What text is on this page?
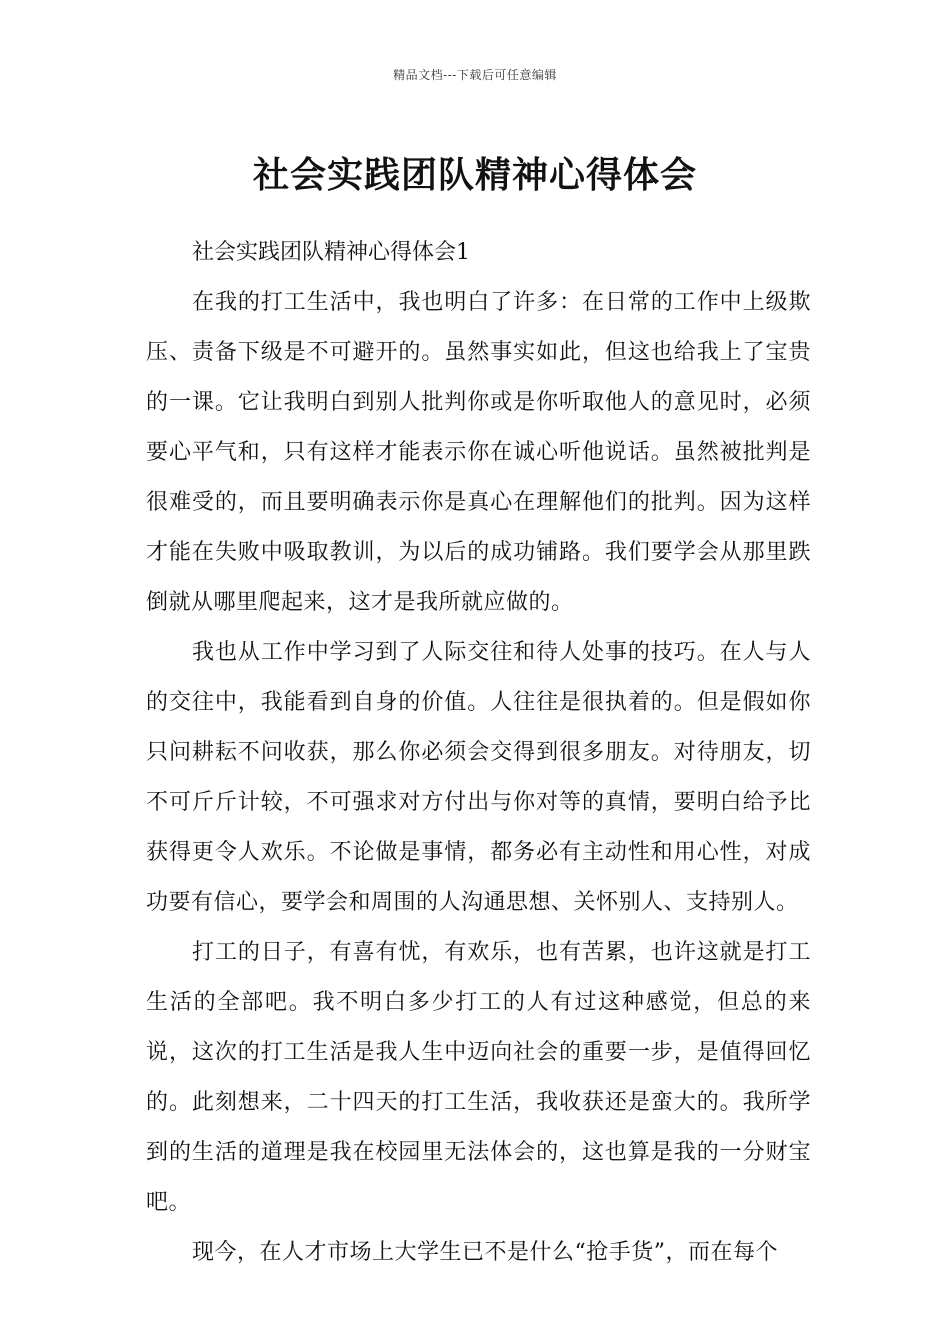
精品文档---下载后可任意编辑
社会实践团队精神心得体会

社会实践团队精神心得体会1

在我的打工生活中，我也明白了许多：在日常的工作中上级欺压、责备下级是不可避开的。虽然事实如此，但这也给我上了宝贵的一课。它让我明白到别人批判你或是你听取他人的意见时，必须要心平气和，只有这样才能表示你在诚心听他说话。虽然被批判是很难受的，而且要明确表示你是真心在理解他们的批判。因为这样才能在失败中吸取教训，为以后的成功铺路。我们要学会从那里跌倒就从哪里爬起来，这才是我所就应做的。

我也从工作中学习到了人际交往和待人处事的技巧。在人与人的交往中，我能看到自身的价值。人往往是很执着的。但是假如你只问耕耘不问收获，那么你必须会交得到很多朋友。对待朋友，切不可斤斤计较，不可强求对方付出与你对等的真情，要明白给予比获得更令人欢乐。不论做是事情，都务必有主动性和用心性，对成功要有信心，要学会和周围的人沟通思想、关怀别人、支持别人。

打工的日子，有喜有忧，有欢乐，也有苦累，也许这就是打工生活的全部吧。我不明白多少打工的人有过这种感觉，但总的来说，这次的打工生活是我人生中迈向社会的重要一步，是值得回忆的。此刻想来，二十四天的打工生活，我收获还是蛮大的。我所学到的生活的道理是我在校园里无法体会的，这也算是我的一分财宝吧。

现今，在人才市场上大学生已不是什么“抢手货”，而在每个
